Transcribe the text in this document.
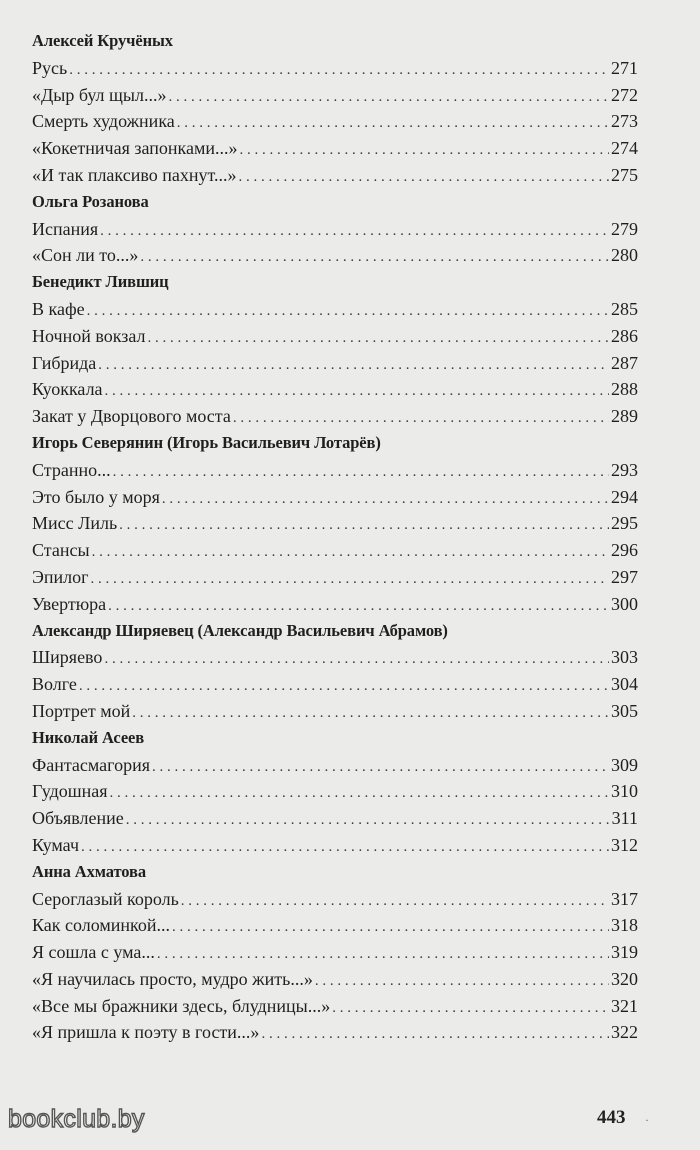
Алексей Кручёных
Русь . . .	271
«Дыр бул щыл...» . . .	272
Смерть художника . . .	273
«Кокетничая запонками...» . . .	274
«И так плаксиво пахнут...» . . .	275
Ольга Розанова
Испания . . .	279
«Сон ли то...» . . .	280
Бенедикт Лившиц
В кафе . . .	285
Ночной вокзал . . .	286
Гибрида . . .	287
Куоккала . . .	288
Закат у Дворцового моста . . .	289
Игорь Северянин (Игорь Васильевич Лотарёв)
Странно... . . .	293
Это было у моря . . .	294
Мисс Лиль . . .	295
Стансы . . .	296
Эпилог . . .	297
Увертюра . . .	300
Александр Ширяевец (Александр Васильевич Абрамов)
Ширяево . . .	303
Волге . . .	304
Портрет мой . . .	305
Николай Асеев
Фантасмагория . . .	309
Гудошная . . .	310
Объявление . . .	311
Кумач . . .	312
Анна Ахматова
Сероглазый король . . .	317
Как соломинкой... . . .	318
Я сошла с ума... . . .	319
«Я научилась просто, мудро жить...» . . .	320
«Все мы бражники здесь, блудницы...» . . .	321
«Я пришла к поэту в гости...» . . .	322
bookclub.by	443 ·
